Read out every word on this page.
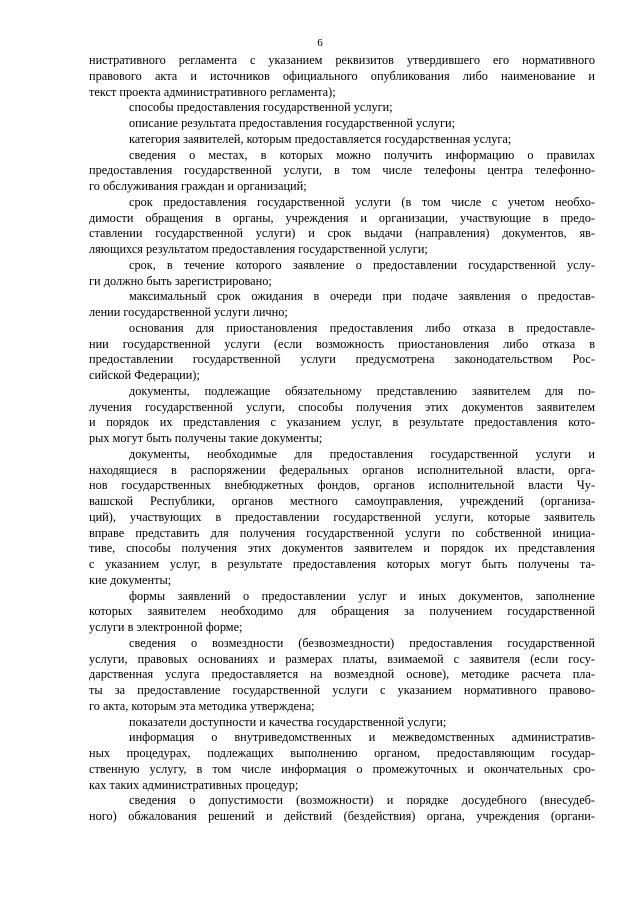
6
нистративного регламента с указанием реквизитов утвердившего его нормативного
правового акта и источников официального опубликования либо наименование и
текст проекта административного регламента);
способы предоставления государственной услуги;
описание результата предоставления государственной услуги;
категория заявителей, которым предоставляется государственная услуга;
сведения о местах, в которых можно получить информацию о правилах
предоставления государственной услуги, в том числе телефоны центра телефонно-
го обслуживания граждан и организаций;
срок предоставления государственной услуги (в том числе с учетом необхо-
димости обращения в органы, учреждения и организации, участвующие в предо-
ставлении государственной услуги) и срок выдачи (направления) документов, яв-
ляющихся результатом предоставления государственной услуги;
срок, в течение которого заявление о предоставлении государственной услу-
ги должно быть зарегистрировано;
максимальный срок ожидания в очереди при подаче заявления о предостав-
лении государственной услуги лично;
основания для приостановления предоставления либо отказа в предоставле-
нии государственной услуги (если возможность приостановления либо отказа в
предоставлении государственной услуги предусмотрена законодательством Рос-
сийской Федерации);
документы, подлежащие обязательному представлению заявителем для по-
лучения государственной услуги, способы получения этих документов заявителем
и порядок их представления с указанием услуг, в результате предоставления кото-
рых могут быть получены такие документы;
документы, необходимые для предоставления государственной услуги и
находящиеся в распоряжении федеральных органов исполнительной власти, орга-
нов государственных внебюджетных фондов, органов исполнительной власти Чу-
вашской Республики, органов местного самоуправления, учреждений (организа-
ций), участвующих в предоставлении государственной услуги, которые заявитель
вправе представить для получения государственной услуги по собственной инициа-
тиве, способы получения этих документов заявителем и порядок их представления
с указанием услуг, в результате предоставления которых могут быть получены та-
кие документы;
формы заявлений о предоставлении услуг и иных документов, заполнение
которых заявителем необходимо для обращения за получением государственной
услуги в электронной форме;
сведения о возмездности (безвозмездности) предоставления государственной
услуги, правовых основаниях и размерах платы, взимаемой с заявителя (если госу-
дарственная услуга предоставляется на возмездной основе), методике расчета пла-
ты за предоставление государственной услуги с указанием нормативного правово-
го акта, которым эта методика утверждена;
показатели доступности и качества государственной услуги;
информация о внутриведомственных и межведомственных административ-
ных процедурах, подлежащих выполнению органом, предоставляющим государ-
ственную услугу, в том числе информация о промежуточных и окончательных сро-
ках таких административных процедур;
сведения о допустимости (возможности) и порядке досудебного (внесудеб-
ного) обжалования решений и действий (бездействия) органа, учреждения (органи-
